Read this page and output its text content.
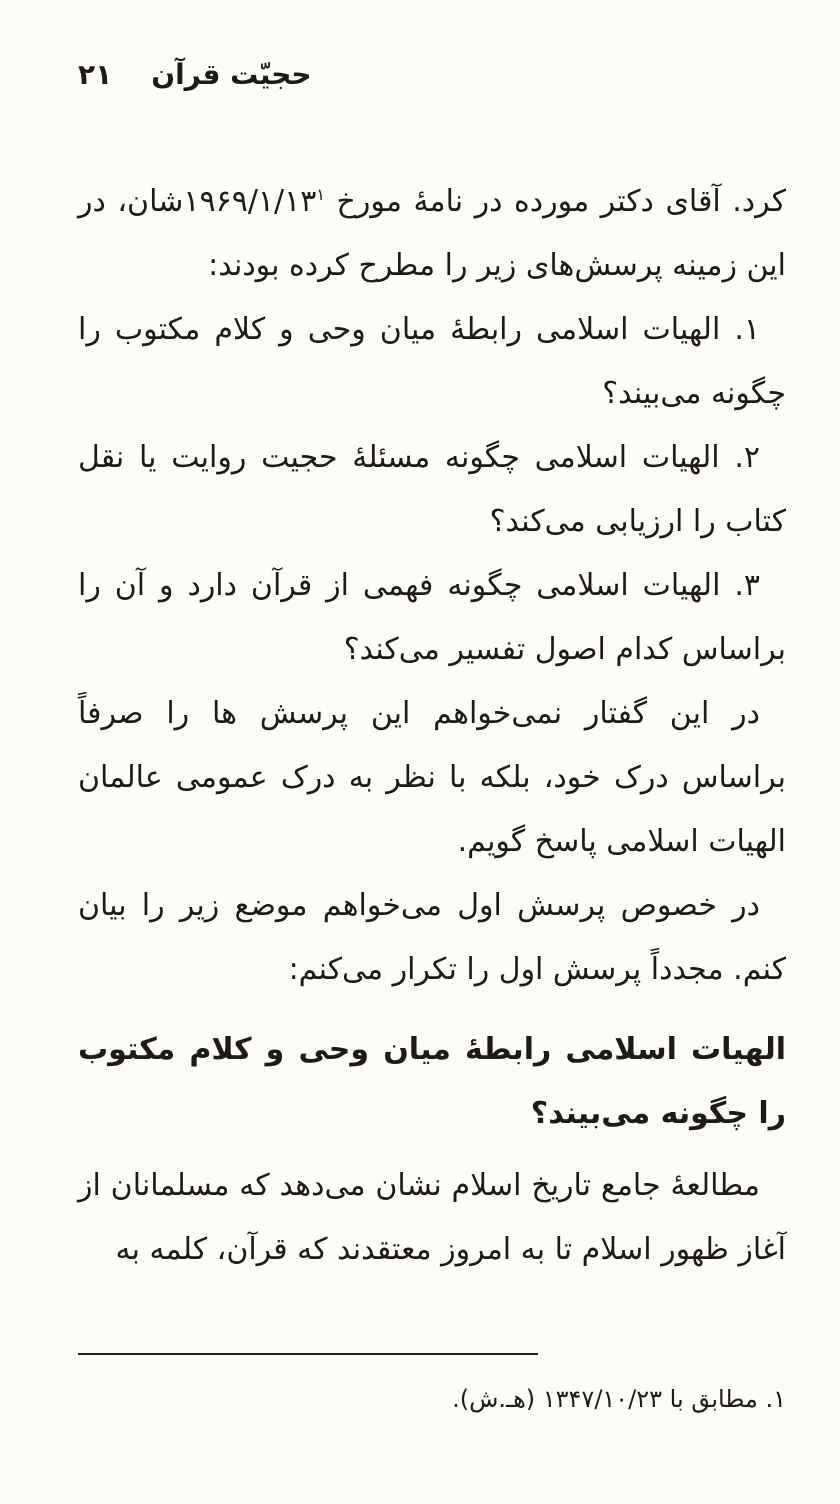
حجیّت قرآن    ۲۱

کرد. آقای دکتر مورده در نامهٔ مورخ $۱۹۶۹/۱/۱۳^۱شان،$ در این زمینه پرسش‌های زیر را مطرح کرده بودند:

۱. الهیات اسلامی رابطهٔ میان وحی و کلام مکتوب را چگونه می‌بیند؟

۲. الهیات اسلامی چگونه مسئلهٔ حجیت روایت یا نقل کتاب را ارزیابی می‌کند؟

۳. الهیات اسلامی چگونه فهمی از قرآن دارد و آن را براساس کدام اصول تفسیر می‌کند؟

در این گفتار نمی‌خواهم این پرسش ها را صرفاً براساس درک خود، بلکه با نظر به درک عمومی عالمان الهیات اسلامی پاسخ گویم.

در خصوص پرسش اول می‌خواهم موضع زیر را بیان کنم. مجدداً پرسش اول را تکرار می‌کنم:

الهیات اسلامی رابطهٔ میان وحی و کلام مکتوب را چگونه می‌بیند؟

مطالعهٔ جامع تاریخ اسلام نشان می‌دهد که مسلمانان از آغاز ظهور اسلام تا به امروز معتقدند که قرآن، کلمه به

۱. مطابق با ۱۳۴۷/۱۰/۲۳ (هـ.ش).
